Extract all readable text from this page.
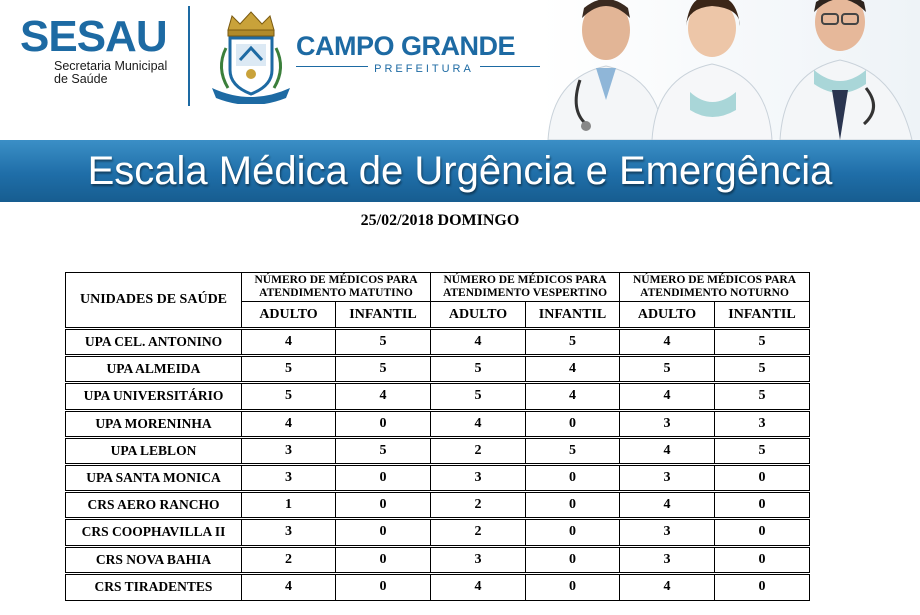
SESAU
Secretaria Municipal
de Saúde
CAMPO GRANDE
PREFEITURA
Escala Médica de Urgência e Emergência
25/02/2018 DOMINGO
UNIDADES DE SAÚDE	NÚMERO DE MÉDICOS PARA ATENDIMENTO MATUTINO		NÚMERO DE MÉDICOS PARA ATENDIMENTO VESPERTINO		NÚMERO DE MÉDICOS PARA ATENDIMENTO NOTURNO	
	ADULTO	INFANTIL	ADULTO	INFANTIL	ADULTO	INFANTIL
UPA CEL. ANTONINO	4	5	4	5	4	5
UPA ALMEIDA	5	5	5	4	5	5
UPA UNIVERSITÁRIO	5	4	5	4	4	5
UPA MORENINHA	4	0	4	0	3	3
UPA LEBLON	3	5	2	5	4	5
UPA SANTA MONICA	3	0	3	0	3	0
CRS AERO RANCHO	1	0	2	0	4	0
CRS COOPHAVILLA II	3	0	2	0	3	0
CRS NOVA BAHIA	2	0	3	0	3	0
CRS TIRADENTES	4	0	4	0	4	0
